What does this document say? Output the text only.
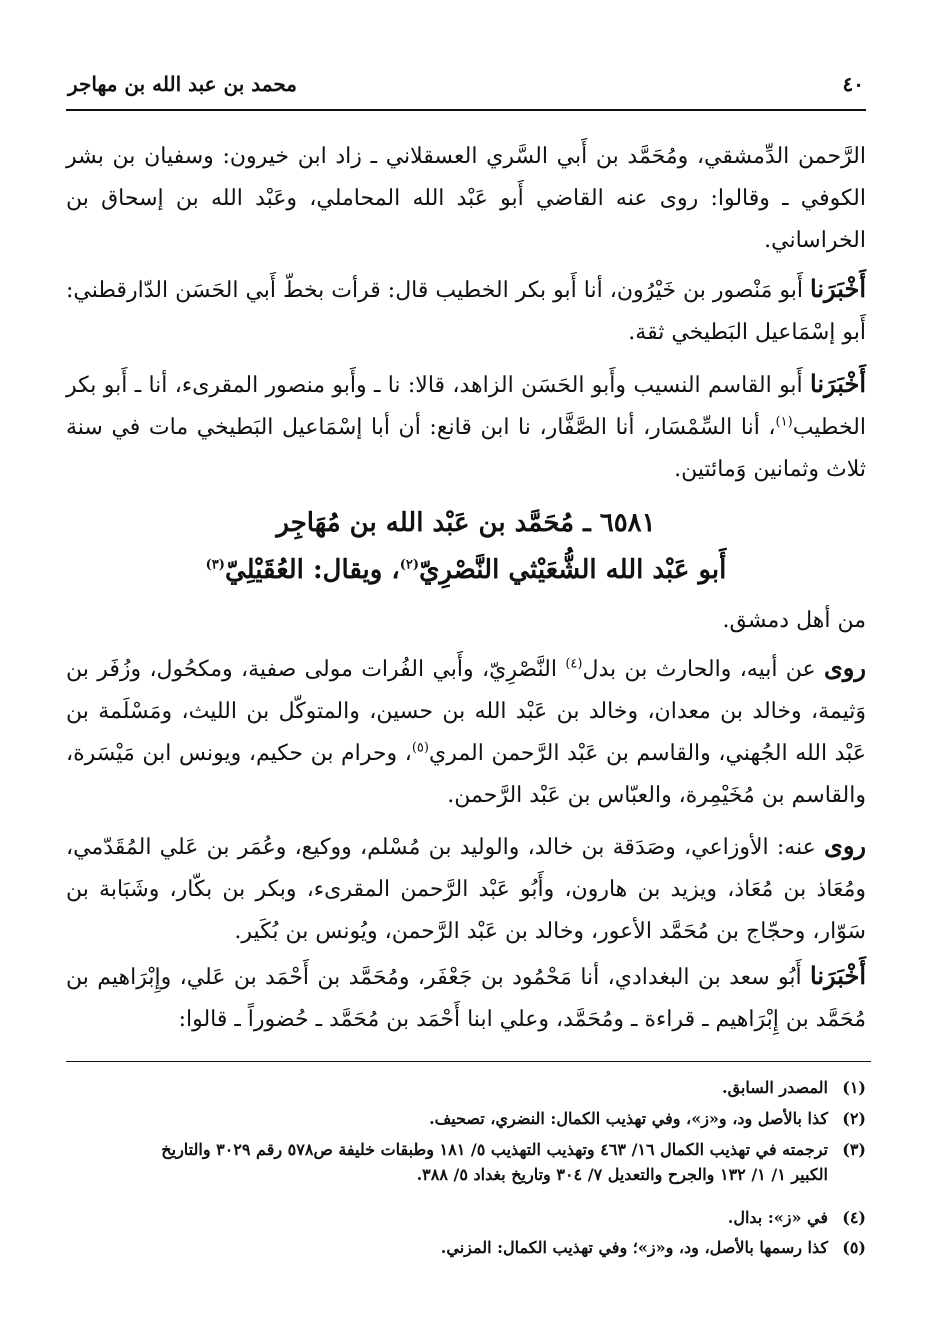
محمد بن عبد الله بن مهاجر	٤٠
الرَّحمن الدِّمشقي، ومُحَمَّد بن أَبي السَّري العسقلاني ـ زاد ابن خيرون: وسفيان بن بشر الكوفي ـ وقالوا: روى عنه القاضي أَبو عَبْد الله المحاملي، وعَبْد الله بن إسحاق بن الخراساني.
أَخْبَرَنا أَبو مَنْصور بن خَيْرُون، أنا أَبو بكر الخطيب قال: قرأت بخطّ أَبي الحَسَن الدّارقطني: أَبو إسْمَاعيل البَطيخي ثقة.
أَخْبَرَنا أَبو القاسم النسيب وأَبو الحَسَن الزاهد، قالا: نا ـ وأَبو منصور المقرىء، أنا ـ أَبو بكر الخطيب$^{(١)}$، أنا السِّمْسَار، أنا الصَّفَّار، نا ابن قانع: أن أبا إسْمَاعيل البَطيخي مات في سنة ثلاث وثمانين وَمائتين.
٦٥٨١ ـ مُحَمَّد بن عَبْد الله بن مُهَاجِر
أَبو عَبْد الله الشُّعَيْثي النَّصْرِيّ$^{(٢)}$، ويقال: العُقَيْلِيّ$^{(٣)}$
من أهل دمشق.
روى عن أبيه، والحارث بن بدل$^{(٤)}$ النَّصْرِيّ، وأَبي الفُرات مولى صفية، ومكحُول، وزُفَر بن وَثيمة، وخالد بن معدان، وخالد بن عَبْد الله بن حسين، والمتوكّل بن الليث، ومَسْلَمة بن عَبْد الله الجُهني، والقاسم بن عَبْد الرَّحمن المري$^{(٥)}$، وحرام بن حكيم، ويونس ابن مَيْسَرة، والقاسم بن مُخَيْمِرة، والعبّاس بن عَبْد الرَّحمن.
روى عنه: الأوزاعي، وصَدَقة بن خالد، والوليد بن مُسْلم، ووكيع، وعُمَر بن عَلي المُقَدّمي، ومُعَاذ بن مُعَاذ، ويزيد بن هارون، وأَبُو عَبْد الرَّحمن المقرىء، وبكر بن بكّار، وشَبَابة بن سَوّار، وحجّاج بن مُحَمَّد الأعور، وخالد بن عَبْد الرَّحمن، ويُونس بن بُكَير.
أَخْبَرَنا أَبُو سعد بن البغدادي، أنا مَحْمُود بن جَعْفَر، ومُحَمَّد بن أَحْمَد بن عَلي، وإِبْرَاهيم بن مُحَمَّد بن إِبْرَاهيم ـ قراءة ـ ومُحَمَّد، وعلي ابنا أَحْمَد بن مُحَمَّد ـ حُضوراً ـ قالوا:
(١)المصدر السابق.
(٢)كذا بالأصل ود، و«ز»، وفي تهذيب الكمال: النضري، تصحيف.
(٣)ترجمته في تهذيب الكمال ١٦/ ٤٦٣ وتهذيب التهذيب ٥/ ١٨١ وطبقات خليفة ص٥٧٨ رقم ٣٠٢٩ والتاريخ
الكبير ١/ ١/ ١٣٢ والجرح والتعديل ٧/ ٣٠٤ وتاريخ بغداد ٥/ ٣٨٨.
(٤)في «ز»: بدال.
(٥)كذا رسمها بالأصل، ود، و«ز»؛ وفي تهذيب الكمال: المزني.
